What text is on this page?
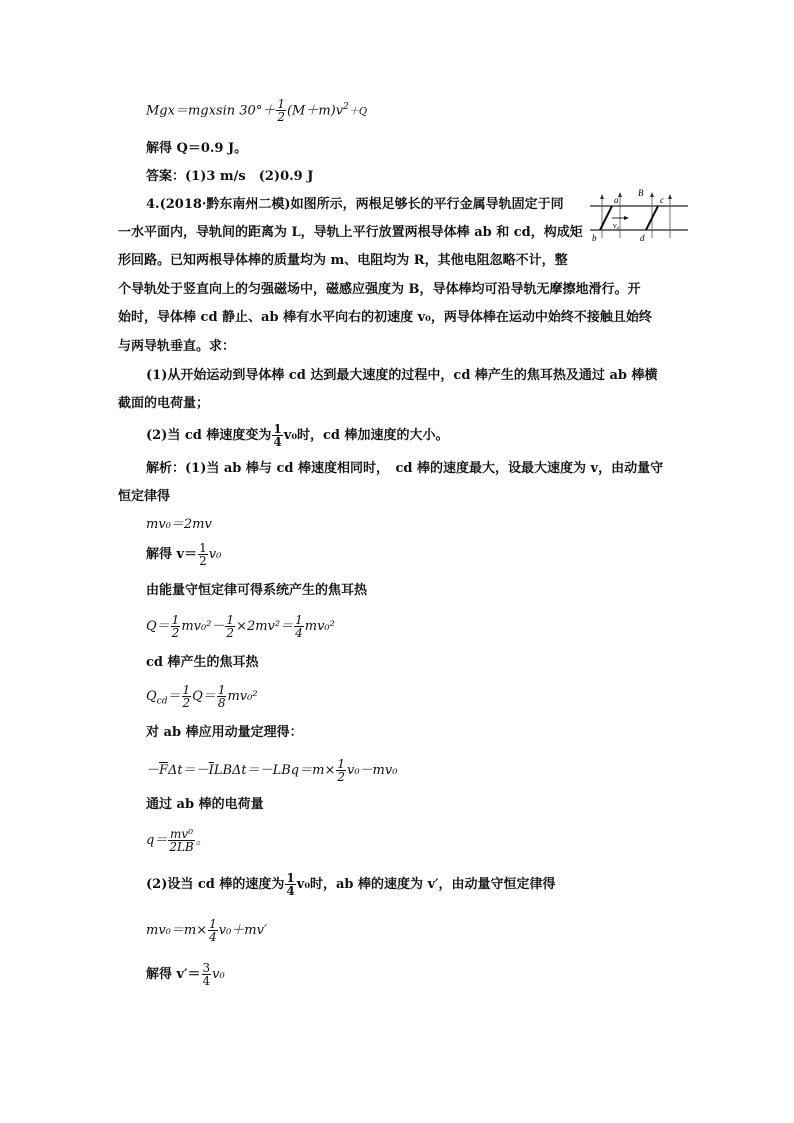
Mgx＝mgxsin $30^\circ+ \frac{1}{2} (M+m)v^2+Q$
解得 Q＝0.9 J。
答案：(1)3 m/s　(2)0.9 J
4.(2018·黔东南州二模)如图所示，两根足够长的平行金属导轨固定于同
一水平面内，导轨间的距离为 L，导轨上平行放置两根导体棒 ab 和 cd，构成矩
形回路。已知两根导体棒的质量均为 m、电阻均为 R，其他电阻忽略不计，整
个导轨处于竖直向上的匀强磁场中，磁感应强度为 B，导体棒均可沿导轨无摩擦地滑行。开
始时，导体棒 cd 静止、ab 棒有水平向右的初速度 v₀，两导体棒在运动中始终不接触且始终
与两导轨垂直。求：
B
a	c
b	d
v₀
(1)从开始运动到导体棒 cd 达到最大速度的过程中，cd 棒产生的焦耳热及通过 ab 棒横
截面的电荷量；
(2)当 cd 棒速度变为 $\frac{1}{4} v_0$时，cd 棒加速度的大小。
解析：(1)当 ab 棒与 cd 棒速度相同时，　cd 棒的速度最大，设最大速度为 v，由动量守
恒定律得
mv₀＝2mv
解得 $v= \frac{1}{2} v_0$
由能量守恒定律可得系统产生的焦耳热
$Q= \frac{1}{2} mv_0^2- \frac{1}{2} \times 2mv^2= \frac{1}{4} mv_0^2$
cd 棒产生的焦耳热
$Q_{cd}= \frac{1}{2} Q= \frac{1}{8} mv_0^2$
对 ab 棒应用动量定理得：
$-\overline{F}\Delta t=-\overline{I}LB\Delta t=-LBq=m\times \frac{1}{2} v_0-mv_0$
通过 ab 棒的电荷量
$q= \frac{\text{mv⁰}}{2LB}$ 。
(2)设当 cd 棒的速度为 $\frac{1}{4} v_0$时，ab 棒的速度为 v′，由动量守恒定律得
$mv_0=m\times \frac{1}{4} v_0+mv'$
解得 $v'= \frac{3}{4} v_0$
